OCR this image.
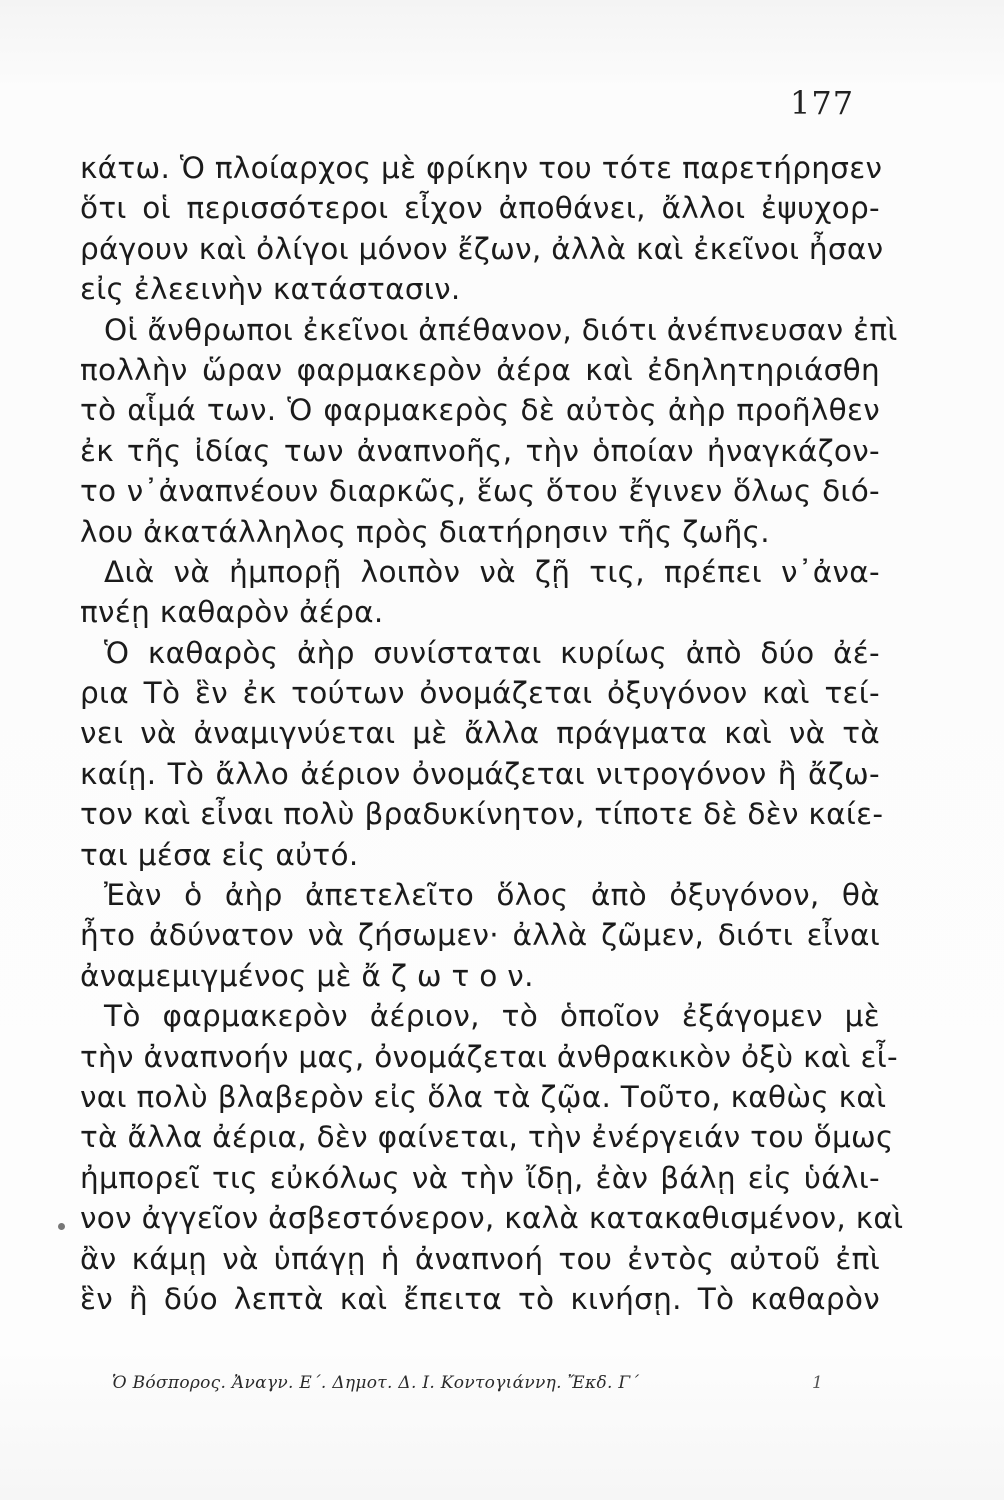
177
κάτω. Ὁ πλοίαρχος μὲ φρίκην του τότε παρετήρησεν
ὅτι οἱ περισσότεροι εἶχον ἀποθάνει, ἄλλοι ἐψυχορ-
ράγουν καὶ ὀλίγοι μόνον ἔζων, ἀλλὰ καὶ ἐκεῖνοι ἦσαν
εἰς ἐλεεινὴν κατάστασιν.
Οἱ ἄνθρωποι ἐκεῖνοι ἀπέθανον, διότι ἀνέπνευσαν ἐπὶ
πολλὴν ὥραν φαρμακερὸν ἀέρα καὶ ἐδηλητηριάσθη
τὸ αἷμά των. Ὁ φαρμακερὸς δὲ αὐτὸς ἀὴρ προῆλθεν
ἐκ τῆς ἰδίας των ἀναπνοῆς, τὴν ὁποίαν ἠναγκάζον-
το ν᾽ἀναπνέουν διαρκῶς, ἕως ὅτου ἔγινεν ὅλως διό-
λου ἀκατάλληλος πρὸς διατήρησιν τῆς ζωῆς.
Διὰ νὰ ἠμπορῇ λοιπὸν νὰ ζῇ τις, πρέπει ν᾽ἀνα-
πνέῃ καθαρὸν ἀέρα.
Ὁ καθαρὸς ἀὴρ συνίσταται κυρίως ἀπὸ δύο ἀέ-
ρια Τὸ ἓν ἐκ τούτων ὀνομάζεται ὀξυγόνον καὶ τεί-
νει νὰ ἀναμιγνύεται μὲ ἄλλα πράγματα καὶ νὰ τὰ
καίῃ. Τὸ ἄλλο ἀέριον ὀνομάζεται νιτρογόνον ἢ ἄζω-
τον καὶ εἶναι πολὺ βραδυκίνητον, τίποτε δὲ δὲν καίε-
ται μέσα εἰς αὐτό.
Ἐὰν ὁ ἀὴρ ἀπετελεῖτο ὅλος ἀπὸ ὀξυγόνον, θὰ
ἦτο ἀδύνατον νὰ ζήσωμεν· ἀλλὰ ζῶμεν, διότι εἶναι
ἀναμεμιγμένος μὲ ἄ ζ ω τ ο ν.
Τὸ φαρμακερὸν ἀέριον, τὸ ὁποῖον ἐξάγομεν μὲ
τὴν ἀναπνοήν μας, ὀνομάζεται ἀνθρακικὸν ὀξὺ καὶ εἶ-
ναι πολὺ βλαβερὸν εἰς ὅλα τὰ ζῷα. Τοῦτο, καθὼς καὶ
τὰ ἄλλα ἀέρια, δὲν φαίνεται, τὴν ἐνέργειάν του ὅμως
ἠμπορεῖ τις εὐκόλως νὰ τὴν ἴδῃ, ἐὰν βάλῃ εἰς ὑάλι-
νον ἀγγεῖον ἀσβεστόνερον, καλὰ κατακαθισμένον, καὶ
ἂν κάμῃ νὰ ὑπάγῃ ἡ ἀναπνοή του ἐντὸς αὐτοῦ ἐπὶ
ἓν ἢ δύο λεπτὰ καὶ ἔπειτα τὸ κινήσῃ. Τὸ καθαρὸν
Ὁ Βόσπορος. Ἀναγν. Ε΄. Δημοτ. Δ. Ι. Κοντογιάννη. Ἔκδ. Γ΄	1
